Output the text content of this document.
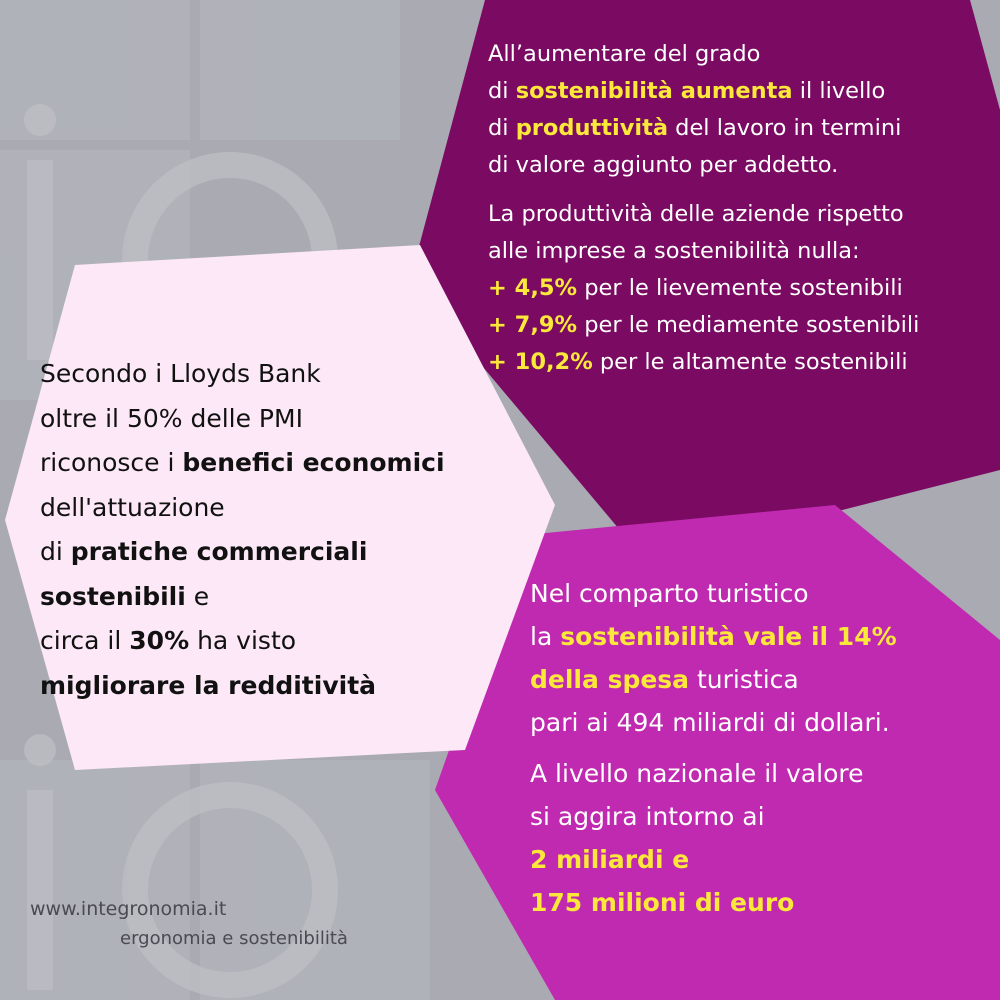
All’aumentare del grado

di sostenibilità aumenta il livello

di produttività del lavoro in termini

di valore aggiunto per addetto.

La produttività delle aziende rispetto

alle imprese a sostenibilità nulla:

+ 4,5% per le lievemente sostenibili

+ 7,9% per le mediamente sostenibili

+ 10,2% per le altamente sostenibili

Secondo i Lloyds Bank

oltre il 50% delle PMI

riconosce i benefici economici

dell'attuazione

di pratiche commerciali

sostenibili e

circa il 30% ha visto

migliorare la redditività

Nel comparto turistico

la sostenibilità vale il 14%

della spesa turistica

pari ai 494 miliardi di dollari.

A livello nazionale il valore

si aggira intorno ai

2 miliardi e

175 milioni di euro

www.integronomia.it
ergonomia e sostenibilità
